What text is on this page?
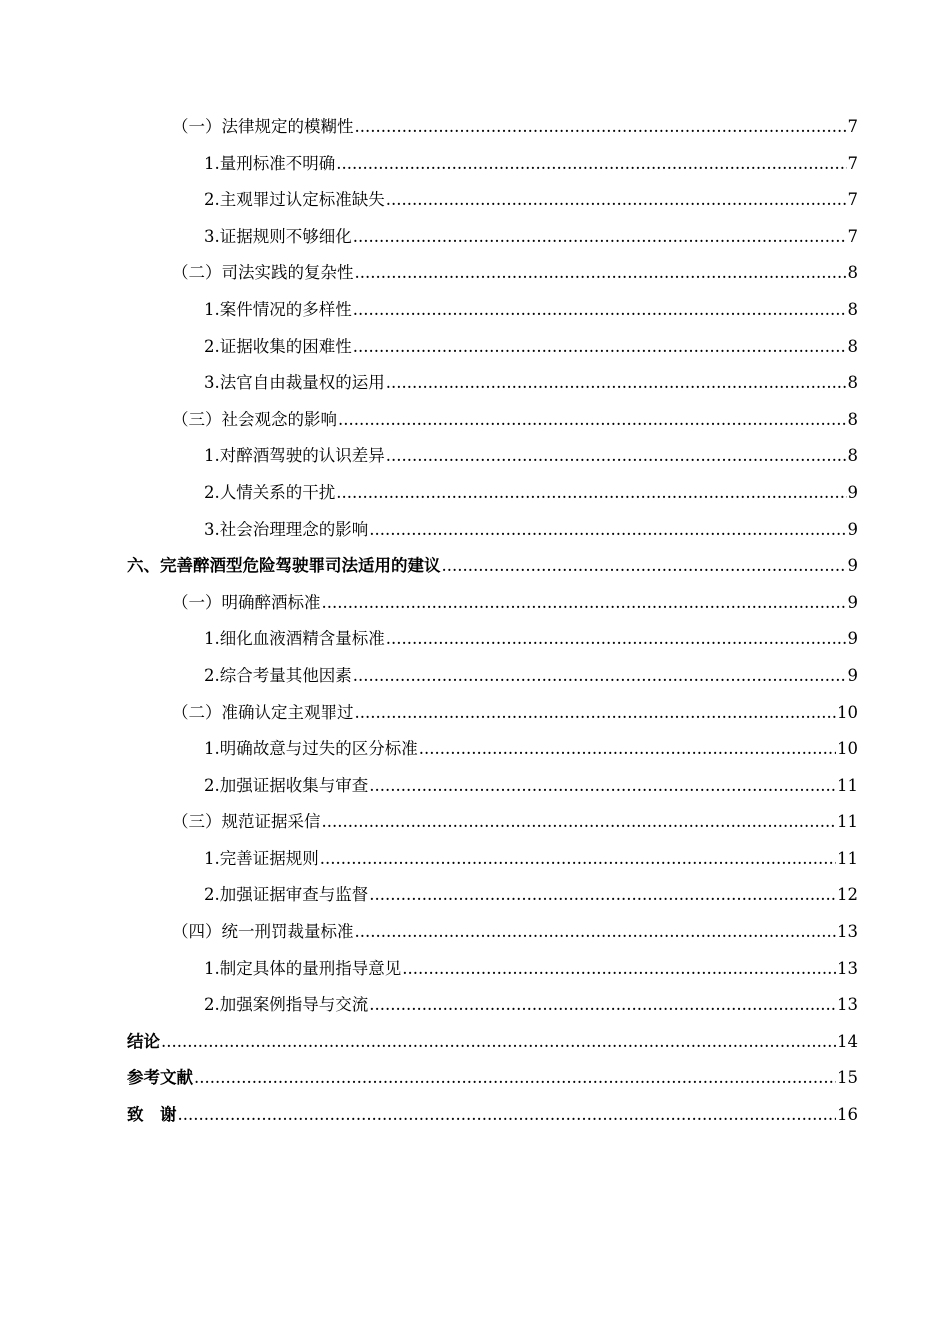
（一） 法律规定的模糊性 .....	7
1. 量刑标准不明确 .....	7
2. 主观罪过认定标准缺失 .....	7
3. 证据规则不够细化 .....	7
（二） 司法实践的复杂性 .....	8
1. 案件情况的多样性 .....	8
2. 证据收集的困难性 .....	8
3. 法官自由裁量权的运用 .....	8
（三） 社会观念的影响 .....	8
1. 对醉酒驾驶的认识差异 .....	8
2. 人情关系的干扰 .....	9
3. 社会治理理念的影响 .....	9
六、 完善醉酒型危险驾驶罪司法适用的建议 .....	9
（一） 明确醉酒标准 .....	9
1. 细化血液酒精含量标准 .....	9
2. 综合考量其他因素 .....	9
（二） 准确认定主观罪过 .....	10
1. 明确故意与过失的区分标准 .....	10
2. 加强证据收集与审查 .....	11
（三） 规范证据采信 .....	11
1. 完善证据规则 .....	11
2. 加强证据审查与监督 .....	12
（四） 统一刑罚裁量标准 .....	13
1. 制定具体的量刑指导意见 .....	13
2. 加强案例指导与交流 .....	13
结论 .....	14
参考文献 .....	15
致　谢 .....	16
